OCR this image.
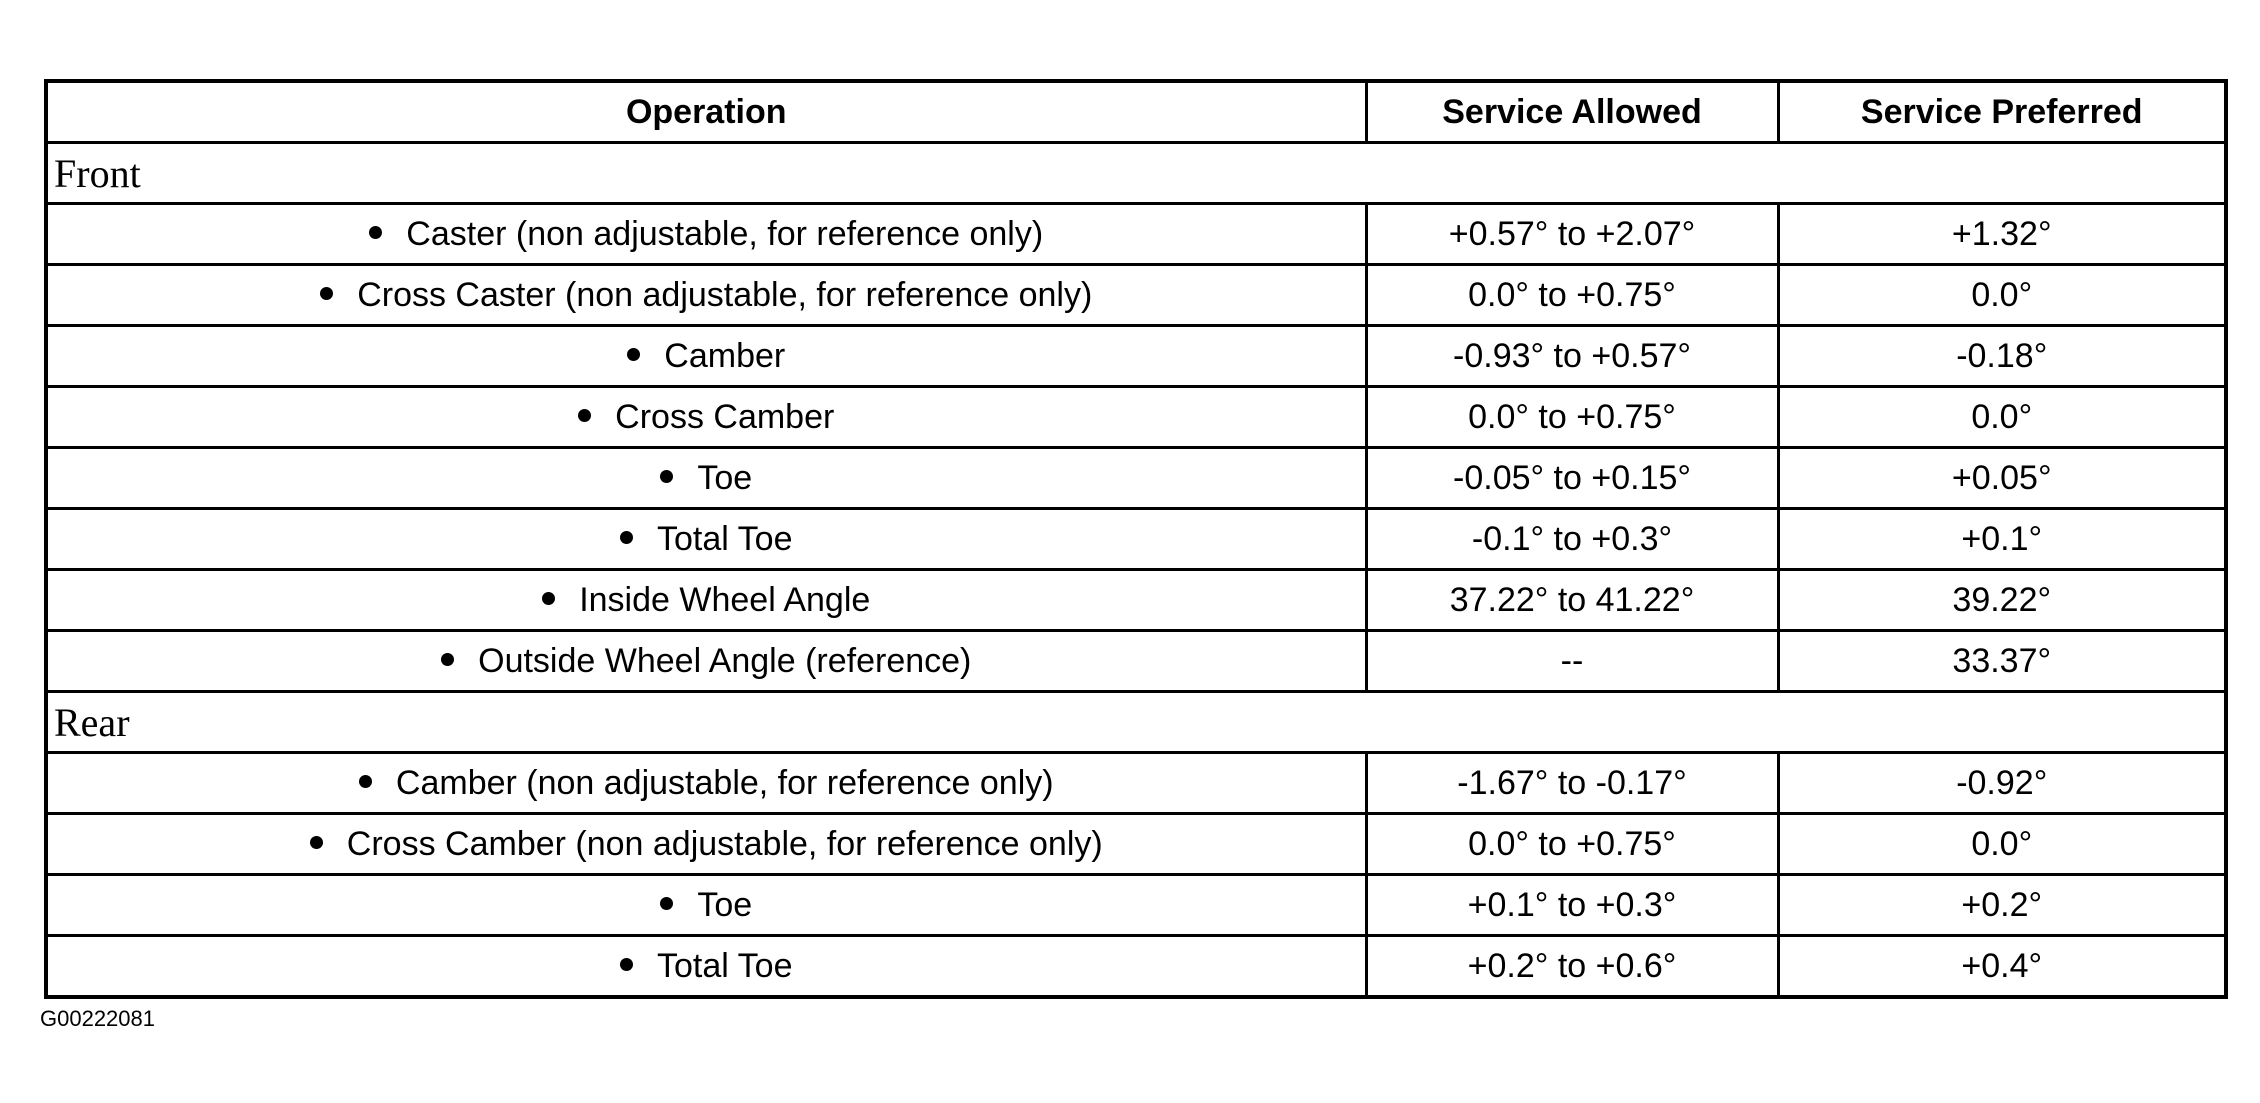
Operation	Service Allowed	Service Preferred
Front		
Caster (non adjustable, for reference only)	+0.57° to +2.07°	+1.32°
Cross Caster (non adjustable, for reference only)	0.0° to +0.75°	0.0°
Camber	-0.93° to +0.57°	-0.18°
Cross Camber	0.0° to +0.75°	0.0°
Toe	-0.05° to +0.15°	+0.05°
Total Toe	-0.1° to +0.3°	+0.1°
Inside Wheel Angle	37.22° to 41.22°	39.22°
Outside Wheel Angle (reference)	--	33.37°
Rear		
Camber (non adjustable, for reference only)	-1.67° to -0.17°	-0.92°
Cross Camber (non adjustable, for reference only)	0.0° to +0.75°	0.0°
Toe	+0.1° to +0.3°	+0.2°
Total Toe	+0.2° to +0.6°	+0.4°
G00222081
